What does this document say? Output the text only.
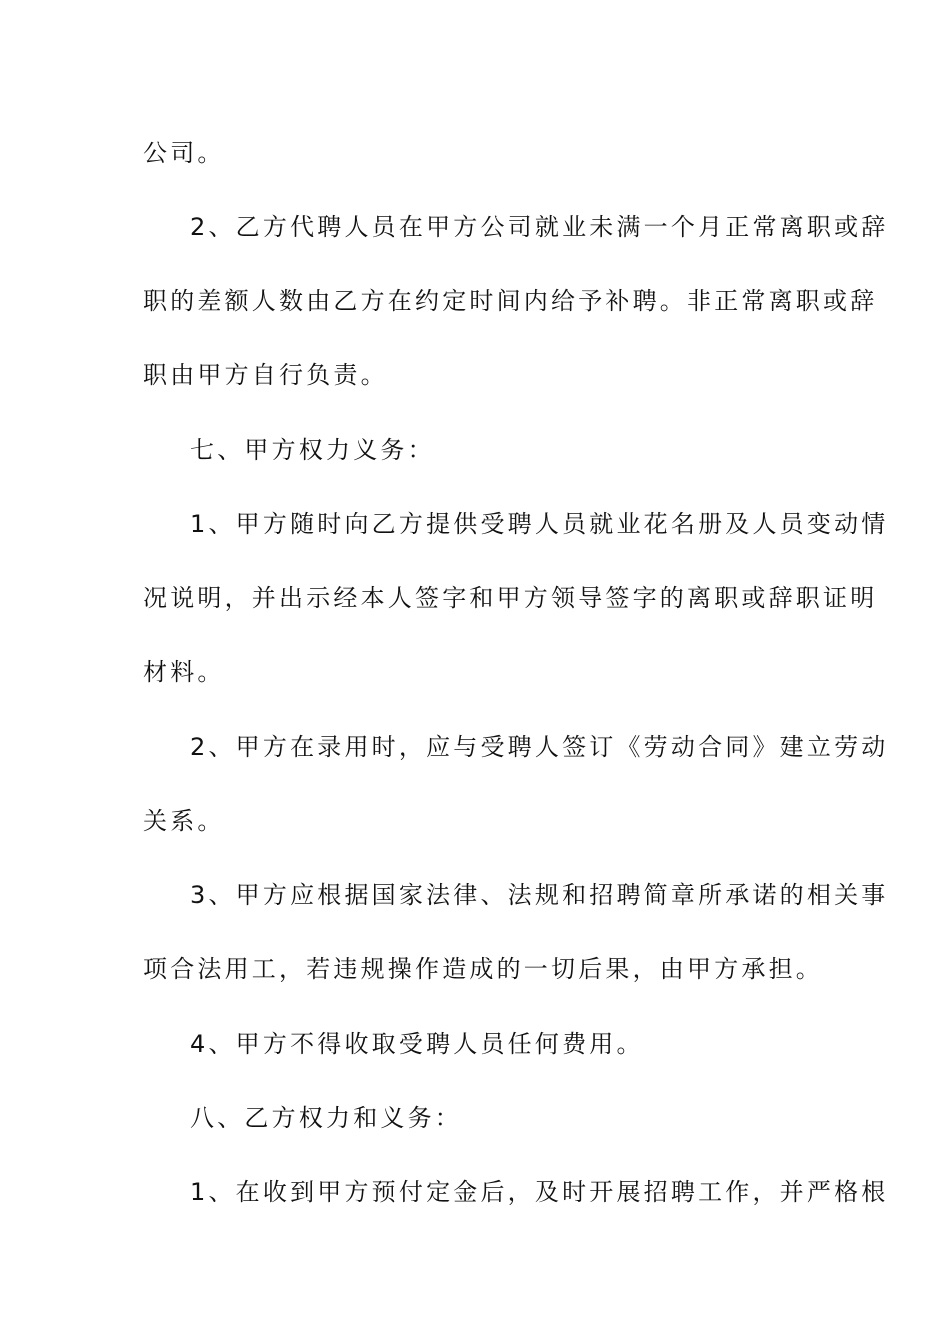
公司。
2、乙方代聘人员在甲方公司就业未满一个月正常离职或辞
职的差额人数由乙方在约定时间内给予补聘。非正常离职或辞
职由甲方自行负责。
七、甲方权力义务：
1、甲方随时向乙方提供受聘人员就业花名册及人员变动情
况说明，并出示经本人签字和甲方领导签字的离职或辞职证明
材料。
2、甲方在录用时，应与受聘人签订《劳动合同》建立劳动
关系。
3、甲方应根据国家法律、法规和招聘简章所承诺的相关事
项合法用工，若违规操作造成的一切后果，由甲方承担。
4、甲方不得收取受聘人员任何费用。
八、乙方权力和义务：
1、在收到甲方预付定金后，及时开展招聘工作，并严格根
